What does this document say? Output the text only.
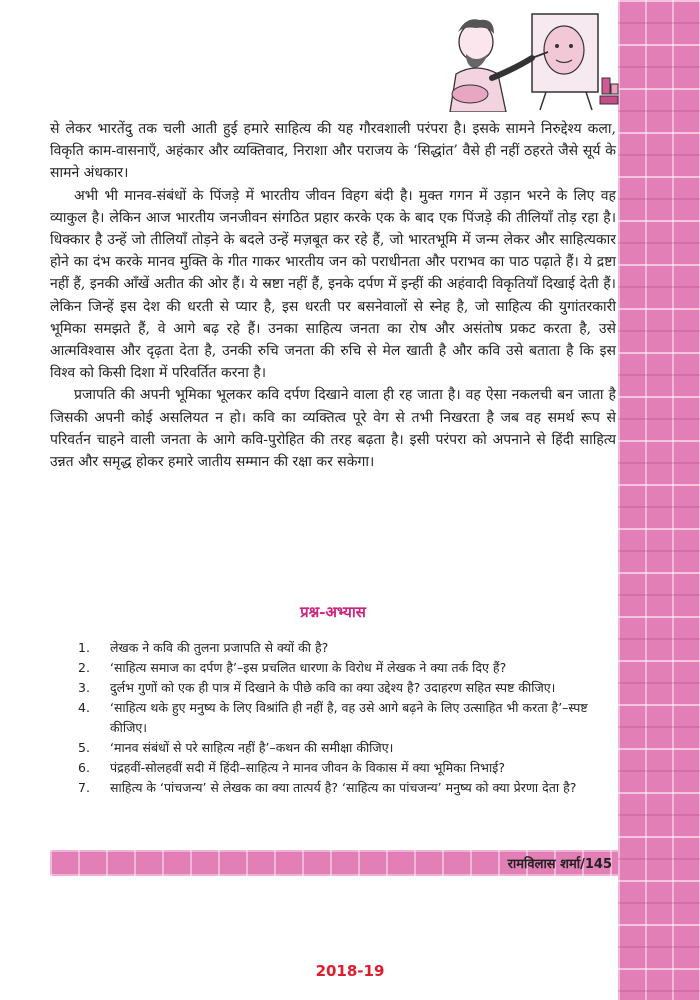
से लेकर भारतेंदु तक चली आती हुई हमारे साहित्य की यह गौरवशाली परंपरा है। इसके सामने निरुद्देश्य कला, विकृति काम-वासनाएँ, अहंकार और व्यक्तिवाद, निराशा और पराजय के ‘सिद्धांत’ वैसे ही नहीं ठहरते जैसे सूर्य के सामने अंधकार।

अभी भी मानव-संबंधों के पिंजड़े में भारतीय जीवन विहग बंदी है। मुक्त गगन में उड़ान भरने के लिए वह व्याकुल है। लेकिन आज भारतीय जनजीवन संगठित प्रहार करके एक के बाद एक पिंजड़े की तीलियाँ तोड़ रहा है। धिक्कार है उन्हें जो तीलियाँ तोड़ने के बदले उन्हें मज़बूत कर रहे हैं, जो भारतभूमि में जन्म लेकर और साहित्यकार होने का दंभ करके मानव मुक्ति के गीत गाकर भारतीय जन को पराधीनता और पराभव का पाठ पढ़ाते हैं। ये द्रष्टा नहीं हैं, इनकी आँखें अतीत की ओर हैं। ये स्रष्टा नहीं हैं, इनके दर्पण में इन्हीं की अहंवादी विकृतियाँ दिखाई देती हैं। लेकिन जिन्हें इस देश की धरती से प्यार है, इस धरती पर बसनेवालों से स्नेह है, जो साहित्य की युगांतरकारी भूमिका समझते हैं, वे आगे बढ़ रहे हैं। उनका साहित्य जनता का रोष और असंतोष प्रकट करता है, उसे आत्मविश्वास और दृढ़ता देता है, उनकी रुचि जनता की रुचि से मेल खाती है और कवि उसे बताता है कि इस विश्व को किसी दिशा में परिवर्तित करना है।

प्रजापति की अपनी भूमिका भूलकर कवि दर्पण दिखाने वाला ही रह जाता है। वह ऐसा नकलची बन जाता है जिसकी अपनी कोई असलियत न हो। कवि का व्यक्तित्व पूरे वेग से तभी निखरता है जब वह समर्थ रूप से परिवर्तन चाहने वाली जनता के आगे कवि-पुरोहित की तरह बढ़ता है। इसी परंपरा को अपनाने से हिंदी साहित्य उन्नत और समृद्ध होकर हमारे जातीय सम्मान की रक्षा कर सकेगा।

प्रश्न-अभ्यास
1. लेखक ने कवि की तुलना प्रजापति से क्यों की है?
2. ‘साहित्य समाज का दर्पण है’–इस प्रचलित धारणा के विरोध में लेखक ने क्या तर्क दिए हैं?
3. दुर्लभ गुणों को एक ही पात्र में दिखाने के पीछे कवि का क्या उद्देश्य है? उदाहरण सहित स्पष्ट कीजिए।
4. ‘साहित्य थके हुए मनुष्य के लिए विश्रांति ही नहीं है, वह उसे आगे बढ़ने के लिए उत्साहित भी करता है’–स्पष्ट कीजिए।
5. ‘मानव संबंधों से परे साहित्य नहीं है’–कथन की समीक्षा कीजिए।
6. पंद्रहवीं-सोलहवीं सदी में हिंदी–साहित्य ने मानव जीवन के विकास में क्या भूमिका निभाई?
7. साहित्य के ‘पांचजन्य’ से लेखक का क्या तात्पर्य है? ‘साहित्य का पांचजन्य’ मनुष्य को क्या प्रेरणा देता है?
रामविलास शर्मा/145
2018-19
